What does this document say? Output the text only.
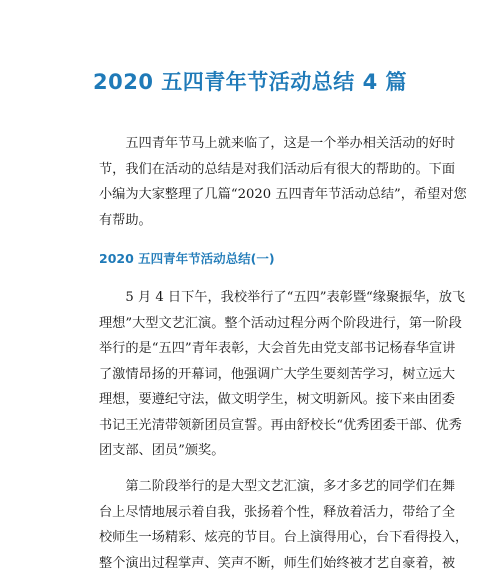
2020 五四青年节活动总结 4 篇
　　五四青年节马上就来临了，这是一个举办相关活动的好时
节，我们在活动的总结是对我们活动后有很大的帮助的。下面
小编为大家整理了几篇“2020 五四青年节活动总结”，希望对您
有帮助。
2020 五四青年节活动总结(一)
　　5 月 4 日下午，我校举行了“五四”表彰暨“缘聚振华，放飞
理想”大型文艺汇演。整个活动过程分两个阶段进行，第一阶段
举行的是“五四”青年表彰，大会首先由党支部书记杨春华宣讲
了激情昂扬的开幕词，他强调广大学生要刻苦学习，树立远大
理想，要遵纪守法，做文明学生，树文明新风。接下来由团委
书记王光清带领新团员宣誓。再由舒校长“优秀团委干部、优秀
团支部、团员”颁奖。
　　第二阶段举行的是大型文艺汇演，多才多艺的同学们在舞
台上尽情地展示着自我，张扬着个性，释放着活力，带给了全
校师生一场精彩、炫亮的节目。台上演得用心，台下看得投入，
整个演出过程掌声、笑声不断，师生们始终被才艺自豪着，被
